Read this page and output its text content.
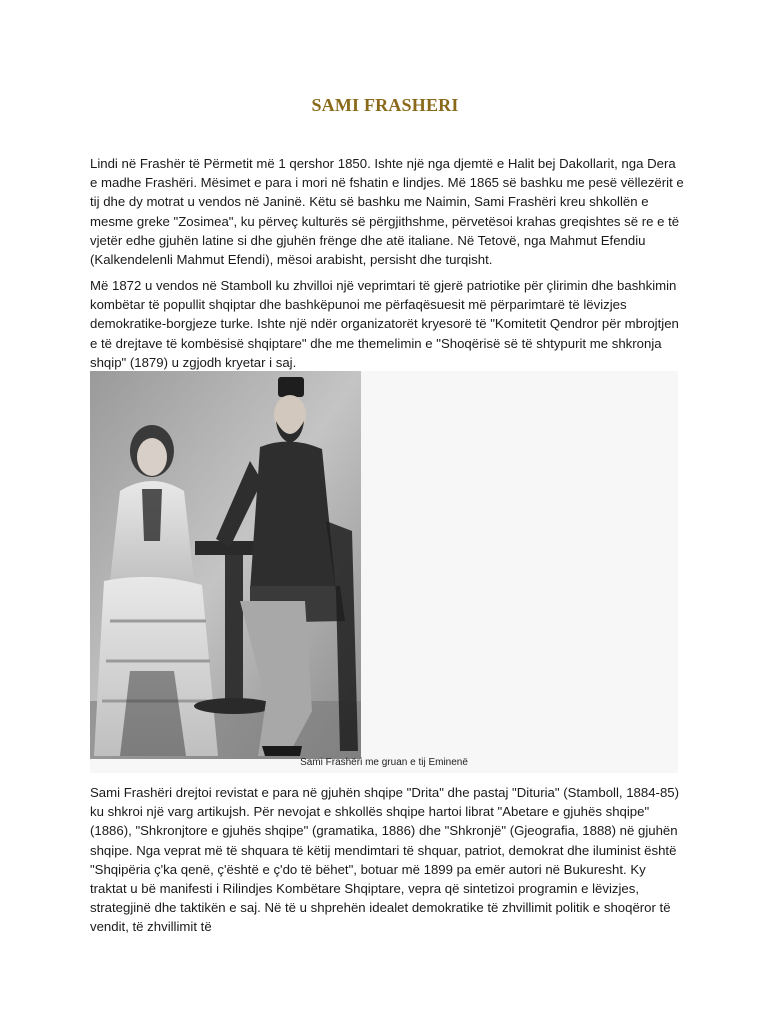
SAMI FRASHERI

Lindi në Frashër të Përmetit më 1 qershor 1850. Ishte një nga djemtë e Halit bej Dakollarit, nga Dera e madhe Frashëri. Mësimet e para i mori në fshatin e lindjes. Më 1865 së bashku me pesë vëllezërit e tij dhe dy motrat u vendos në Janinë. Këtu së bashku me Naimin, Sami Frashëri kreu shkollën e mesme greke "Zosimea", ku përveç kulturës së përgjithshme, përvetësoi krahas greqishtes së re e të vjetër edhe gjuhën latine si dhe gjuhën frënge dhe atë italiane. Në Tetovë, nga Mahmut Efendiu (Kalkendelenli Mahmut Efendi), mësoi arabisht, persisht dhe turqisht.

Më 1872 u vendos në Stamboll ku zhvilloi një veprimtari të gjerë patriotike për çlirimin dhe bashkimin kombëtar të popullit shqiptar dhe bashkëpunoi me përfaqësuesit më përparimtarë të lëvizjes demokratike-borgjeze turke. Ishte një ndër organizatorët kryesorë të "Komitetit Qendror për mbrojtjen e të drejtave të kombësisë shqiptare" dhe me themelimin e "Shoqërisë së të shtypurit me shkronja shqip" (1879) u zgjodh kryetar i saj.

Sami Frashëri me gruan e tij Eminenë

Sami Frashëri drejtoi revistat e para në gjuhën shqipe "Drita" dhe pastaj "Dituria" (Stamboll, 1884-85) ku shkroi një varg artikujsh. Për nevojat e shkollës shqipe hartoi librat "Abetare e gjuhës shqipe" (1886), "Shkronjtore e gjuhës shqipe" (gramatika, 1886) dhe "Shkronjë" (Gjeografia, 1888) në gjuhën shqipe. Nga veprat më të shquara të këtij mendimtari të shquar, patriot, demokrat dhe iluminist është "Shqipëria ç'ka qenë, ç'është e ç'do të bëhet", botuar më 1899 pa emër autori në Bukuresht. Ky traktat u bë manifesti i Rilindjes Kombëtare Shqiptare, vepra që sintetizoi programin e lëvizjes, strategjinë dhe taktikën e saj. Në të u shprehën idealet demokratike të zhvillimit politik e shoqëror të vendit, të zhvillimit të
